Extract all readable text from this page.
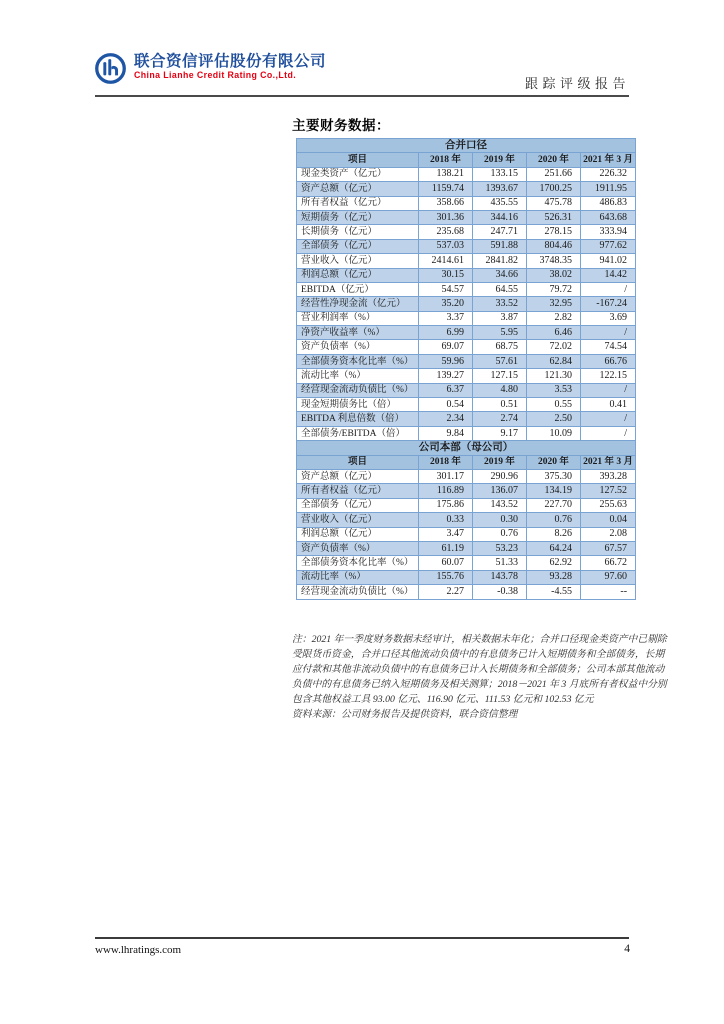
联合资信评估股份有限公司
China Lianhe Credit Rating Co.,Ltd.
跟踪评级报告
主要财务数据：
合并口径				
项目	2018 年	2019 年	2020 年	2021 年 3 月
现金类资产（亿元）	138.21	133.15	251.66	226.32
资产总额（亿元）	1159.74	1393.67	1700.25	1911.95
所有者权益（亿元）	358.66	435.55	475.78	486.83
短期债务（亿元）	301.36	344.16	526.31	643.68
长期债务（亿元）	235.68	247.71	278.15	333.94
全部债务（亿元）	537.03	591.88	804.46	977.62
营业收入（亿元）	2414.61	2841.82	3748.35	941.02
利润总额（亿元）	30.15	34.66	38.02	14.42
EBITDA（亿元）	54.57	64.55	79.72	/
经营性净现金流（亿元）	35.20	33.52	32.95	-167.24
营业利润率（%）	3.37	3.87	2.82	3.69
净资产收益率（%）	6.99	5.95	6.46	/
资产负债率（%）	69.07	68.75	72.02	74.54
全部债务资本化比率（%）	59.96	57.61	62.84	66.76
流动比率（%）	139.27	127.15	121.30	122.15
经营现金流动负债比（%）	6.37	4.80	3.53	/
现金短期债务比（倍）	0.54	0.51	0.55	0.41
EBITDA 利息倍数（倍）	2.34	2.74	2.50	/
全部债务/EBITDA（倍）	9.84	9.17	10.09	/
公司本部（母公司）				
项目	2018 年	2019 年	2020 年	2021 年 3 月
资产总额（亿元）	301.17	290.96	375.30	393.28
所有者权益（亿元）	116.89	136.07	134.19	127.52
全部债务（亿元）	175.86	143.52	227.70	255.63
营业收入（亿元）	0.33	0.30	0.76	0.04
利润总额（亿元）	3.47	0.76	8.26	2.08
资产负债率（%）	61.19	53.23	64.24	67.57
全部债务资本化比率（%）	60.07	51.33	62.92	66.72
流动比率（%）	155.76	143.78	93.28	97.60
经营现金流动负债比（%）	2.27	-0.38	-4.55	--
注：2021 年一季度财务数据未经审计，相关数据未年化；合并口径现金类资产中已剔除
受限货币资金，合并口径其他流动负债中的有息债务已计入短期债务和全部债务，长期
应付款和其他非流动负债中的有息债务已计入长期债务和全部债务；公司本部其他流动
负债中的有息债务已纳入短期债务及相关测算；2018－2021 年 3 月底所有者权益中分别
包含其他权益工具 93.00 亿元、116.90 亿元、111.53 亿元和 102.53 亿元
资料来源：公司财务报告及提供资料，联合资信整理
www.lhratings.com	4
